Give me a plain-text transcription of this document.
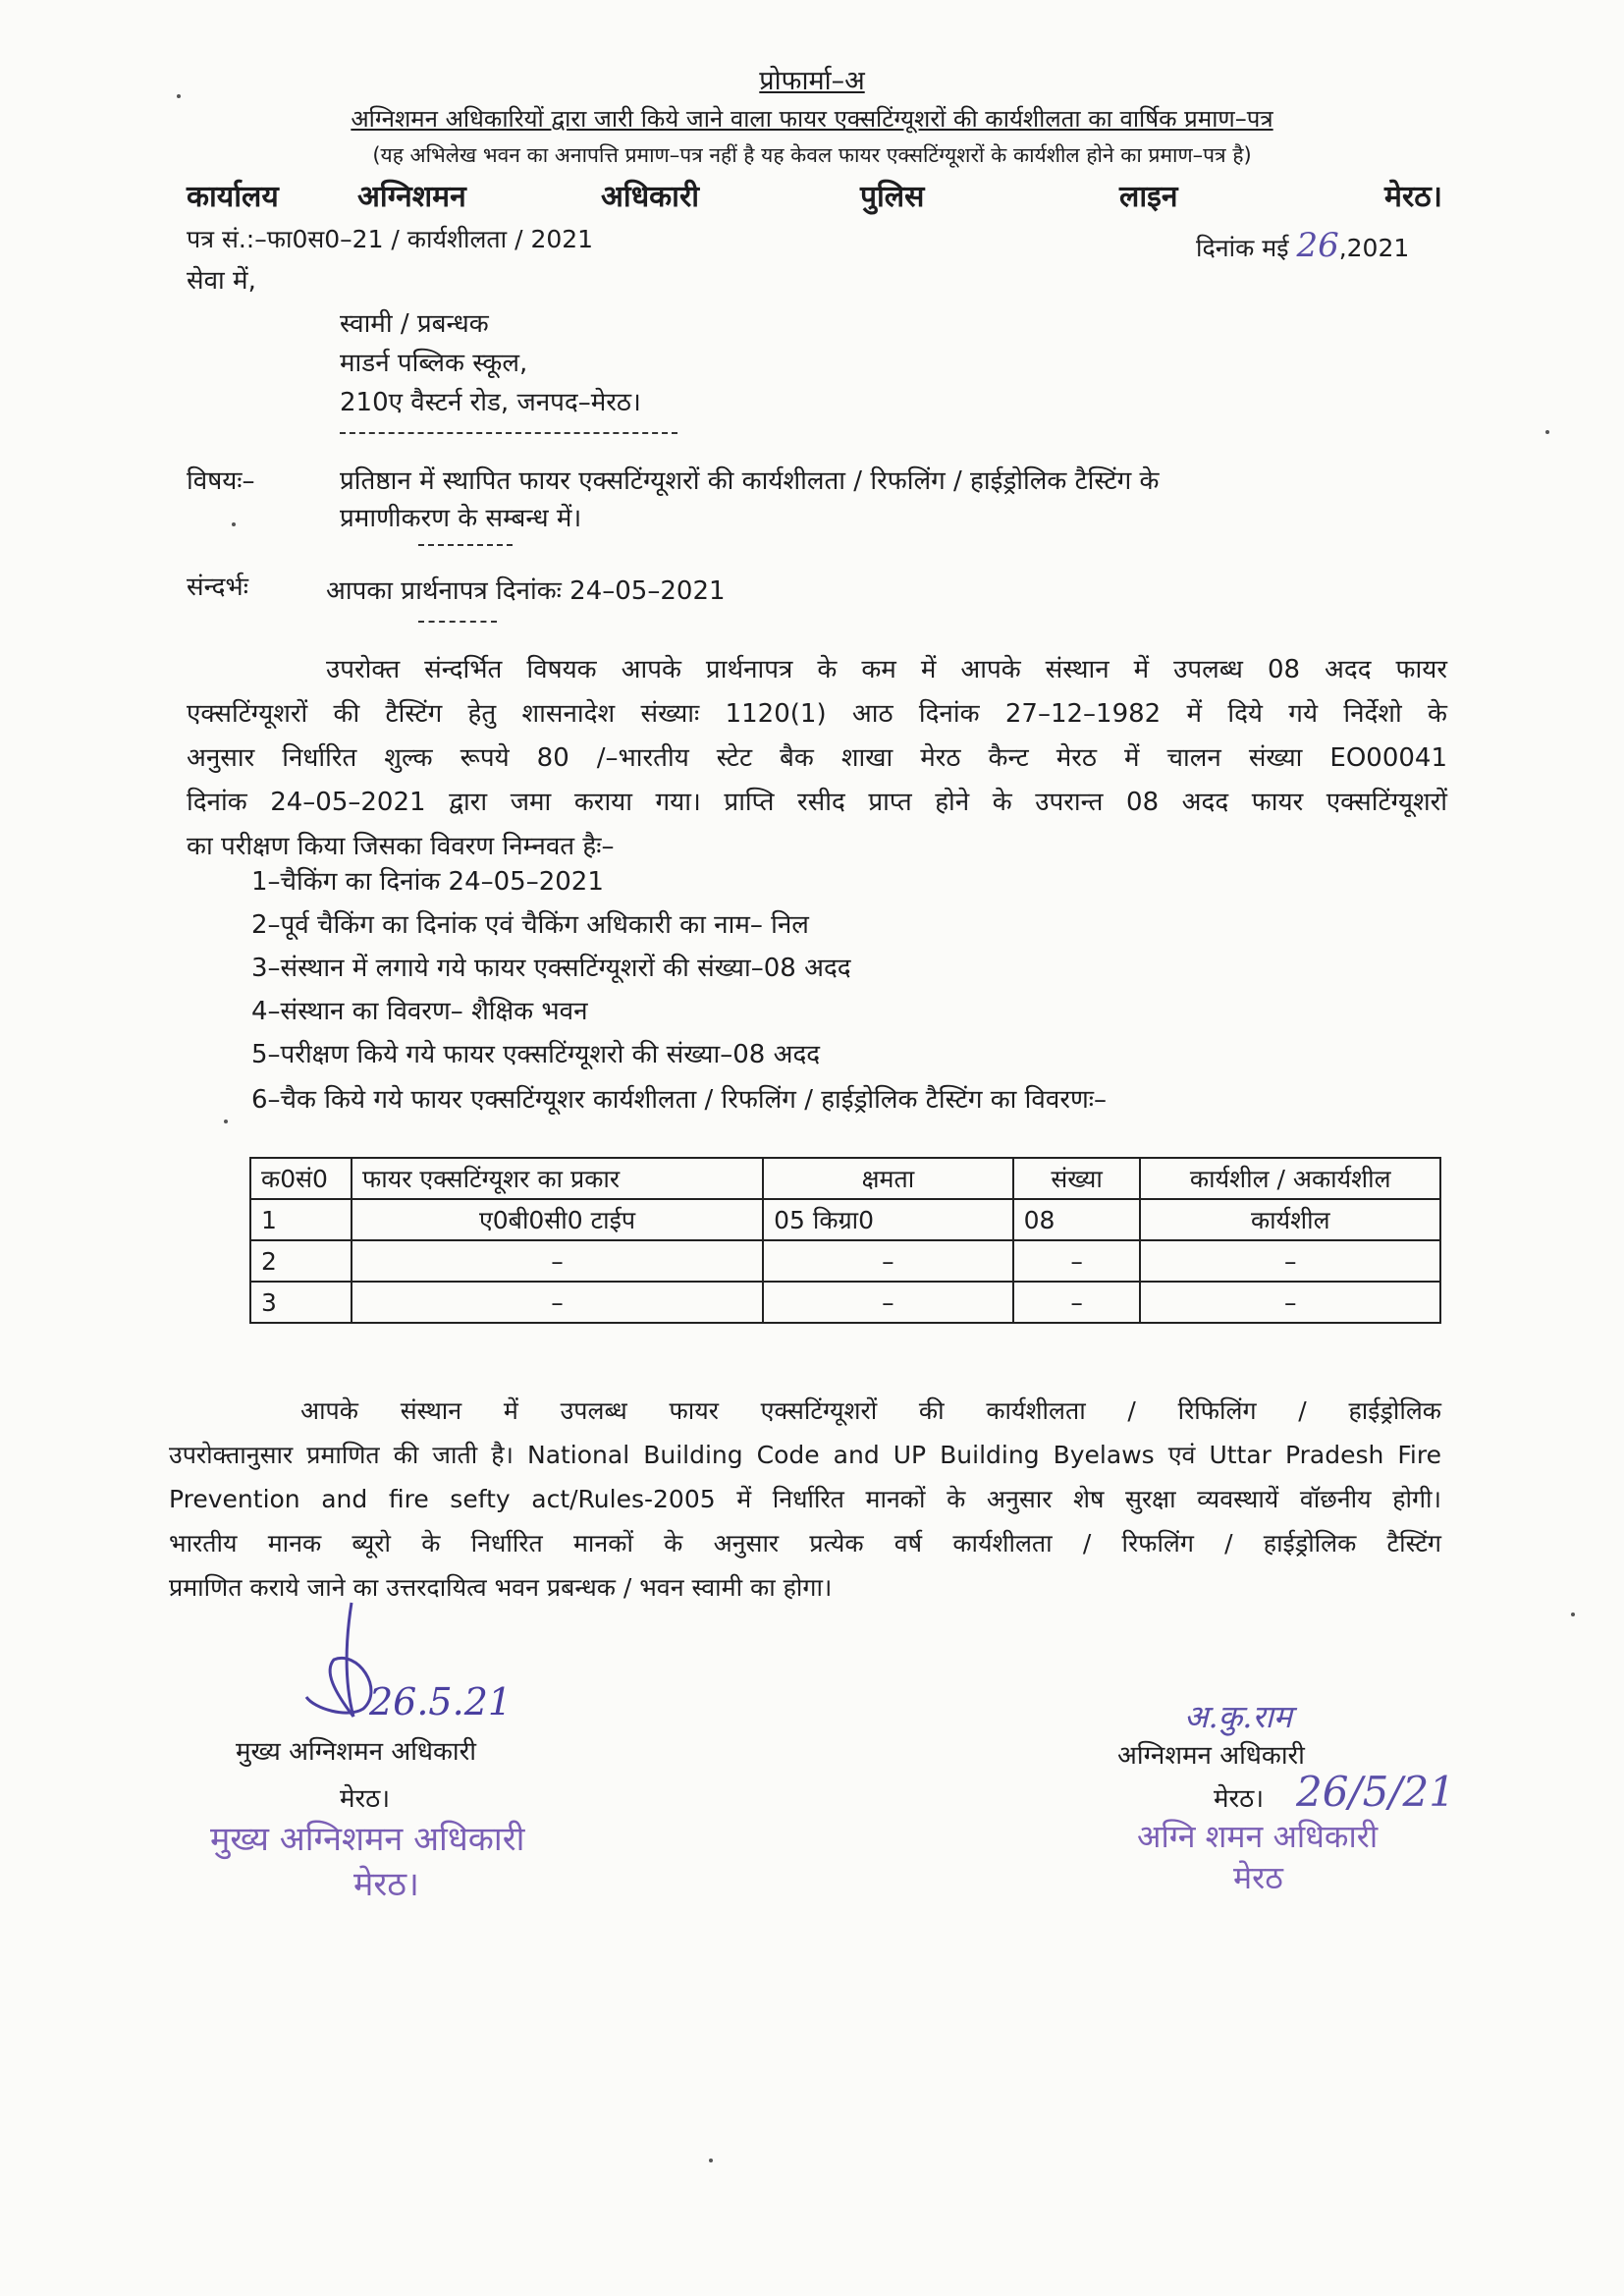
प्रोफार्मा–अ
अग्निशमन अधिकारियों द्वारा जारी किये जाने वाला फायर एक्सटिंग्यूशरों की कार्यशीलता का वार्षिक प्रमाण–पत्र
(यह अभिलेख भवन का अनापत्ति प्रमाण–पत्र नहीं है यह केवल फायर एक्सटिंग्यूशरों के कार्यशील होने का प्रमाण–पत्र है)
कार्यालय	अग्निशमन	अधिकारी	पुलिस	लाइन	मेरठ।
पत्र सं.:–फा0स0–21 / कार्यशीलता / 2021	दिनांक मई 26,2021
सेवा में,
स्वामी / प्रबन्धक
माडर्न पब्लिक स्कूल,
210ए वैस्टर्न रोड, जनपद–मेरठ।
विषयः–	प्रतिष्ठान में स्थापित फायर एक्सटिंग्यूशरों की कार्यशीलता / रिफलिंग / हाईड्रोलिक टैस्टिंग के
प्रमाणीकरण के सम्बन्ध में।
संन्दर्भः	आपका प्रार्थनापत्र दिनांकः 24–05–2021

उपरोक्त संन्दर्भित विषयक आपके प्रार्थनापत्र के कम में आपके संस्थान में उपलब्ध 08 अदद फायर

एक्सटिंग्यूशरों की टैस्टिंग हेतु शासनादेश संख्याः 1120(1) आठ दिनांक 27–12–1982 में दिये गये निर्देशो के

अनुसार निर्धारित शुल्क रूपये 80 /–भारतीय स्टेट बैक शाखा मेरठ कैन्ट मेरठ में चालन संख्या EO00041

दिनांक 24–05–2021 द्वारा जमा कराया गया। प्राप्ति रसीद प्राप्त होने के उपरान्त 08 अदद फायर एक्सटिंग्यूशरों

का परीक्षण किया जिसका विवरण निम्नवत हैः–

1–चैकिंग का दिनांक 24–05–2021
2–पूर्व चैकिंग का दिनांक एवं चैकिंग अधिकारी का नाम– निल
3–संस्थान में लगाये गये फायर एक्सटिंग्यूशरों की संख्या–08 अदद
4–संस्थान का विवरण– शैक्षिक भवन
5–परीक्षण किये गये फायर एक्सटिंग्यूशरो की संख्या–08 अदद
6–चैक किये गये फायर एक्सटिंग्यूशर कार्यशीलता / रिफलिंग / हाईड्रोलिक टैस्टिंग का विवरणः–
क0सं0	फायर एक्सटिंग्यूशर का प्रकार	क्षमता	संख्या	कार्यशील / अकार्यशील
1	ए0बी0सी0 टाईप	05 किग्रा0	08	कार्यशील
2	–	–	–	–
3	–	–	–	–

आपके संस्थान में उपलब्ध फायर एक्सटिंग्यूशरों की कार्यशीलता / रिफिलिंग / हाईड्रोलिक

उपरोक्तानुसार प्रमाणित की जाती है। National Building Code and UP Building Byelaws एवं Uttar Pradesh Fire

Prevention and fire sefty act/Rules-2005 में निर्धारित मानकों के अनुसार शेष सुरक्षा व्यवस्थायें वॉछनीय होगी।

भारतीय मानक ब्यूरो के निर्धारित मानकों के अनुसार प्रत्येक वर्ष कार्यशीलता / रिफलिंग / हाईड्रोलिक टैस्टिंग

प्रमाणित कराये जाने का उत्तरदायित्व भवन प्रबन्धक / भवन स्वामी का होगा।

26.5.21
मुख्य अग्निशमन अधिकारी
मेरठ।
मुख्य अग्निशमन अधिकारी
मेरठ।
अ.कु.राम
अग्निशमन अधिकारी
मेरठ। 26/5/21
अग्नि शमन अधिकारी
मेरठ
